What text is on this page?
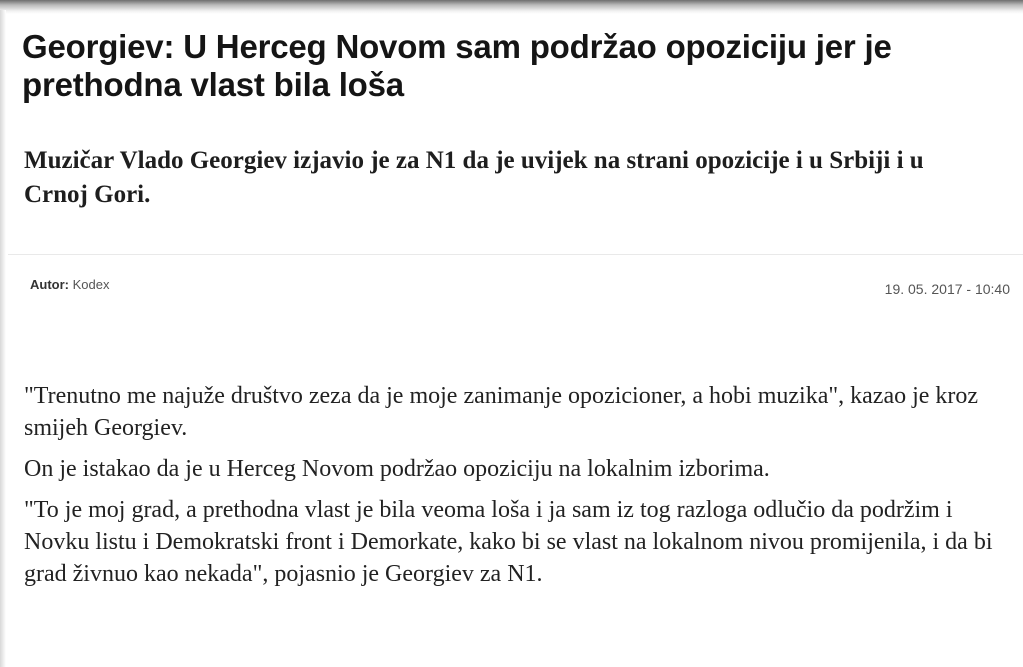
Georgiev: U Herceg Novom sam podržao opoziciju jer je prethodna vlast bila loša
Muzičar Vlado Georgiev izjavio je za N1 da je uvijek na strani opozicije i u Srbiji i u Crnoj Gori.
Autor: Kodex	19. 05. 2017 - 10:40

"Trenutno me najuže društvo zeza da je moje zanimanje opozicioner, a hobi muzika", kazao je kroz smijeh Georgiev.

On je istakao da je u Herceg Novom podržao opoziciju na lokalnim izborima.

"To je moj grad, a prethodna vlast je bila veoma loša i ja sam iz tog razloga odlučio da podržim i Novku listu i Demokratski front i Demorkate, kako bi se vlast na lokalnom nivou promijenila, i da bi grad živnuo kao nekada", pojasnio je Georgiev za N1.
